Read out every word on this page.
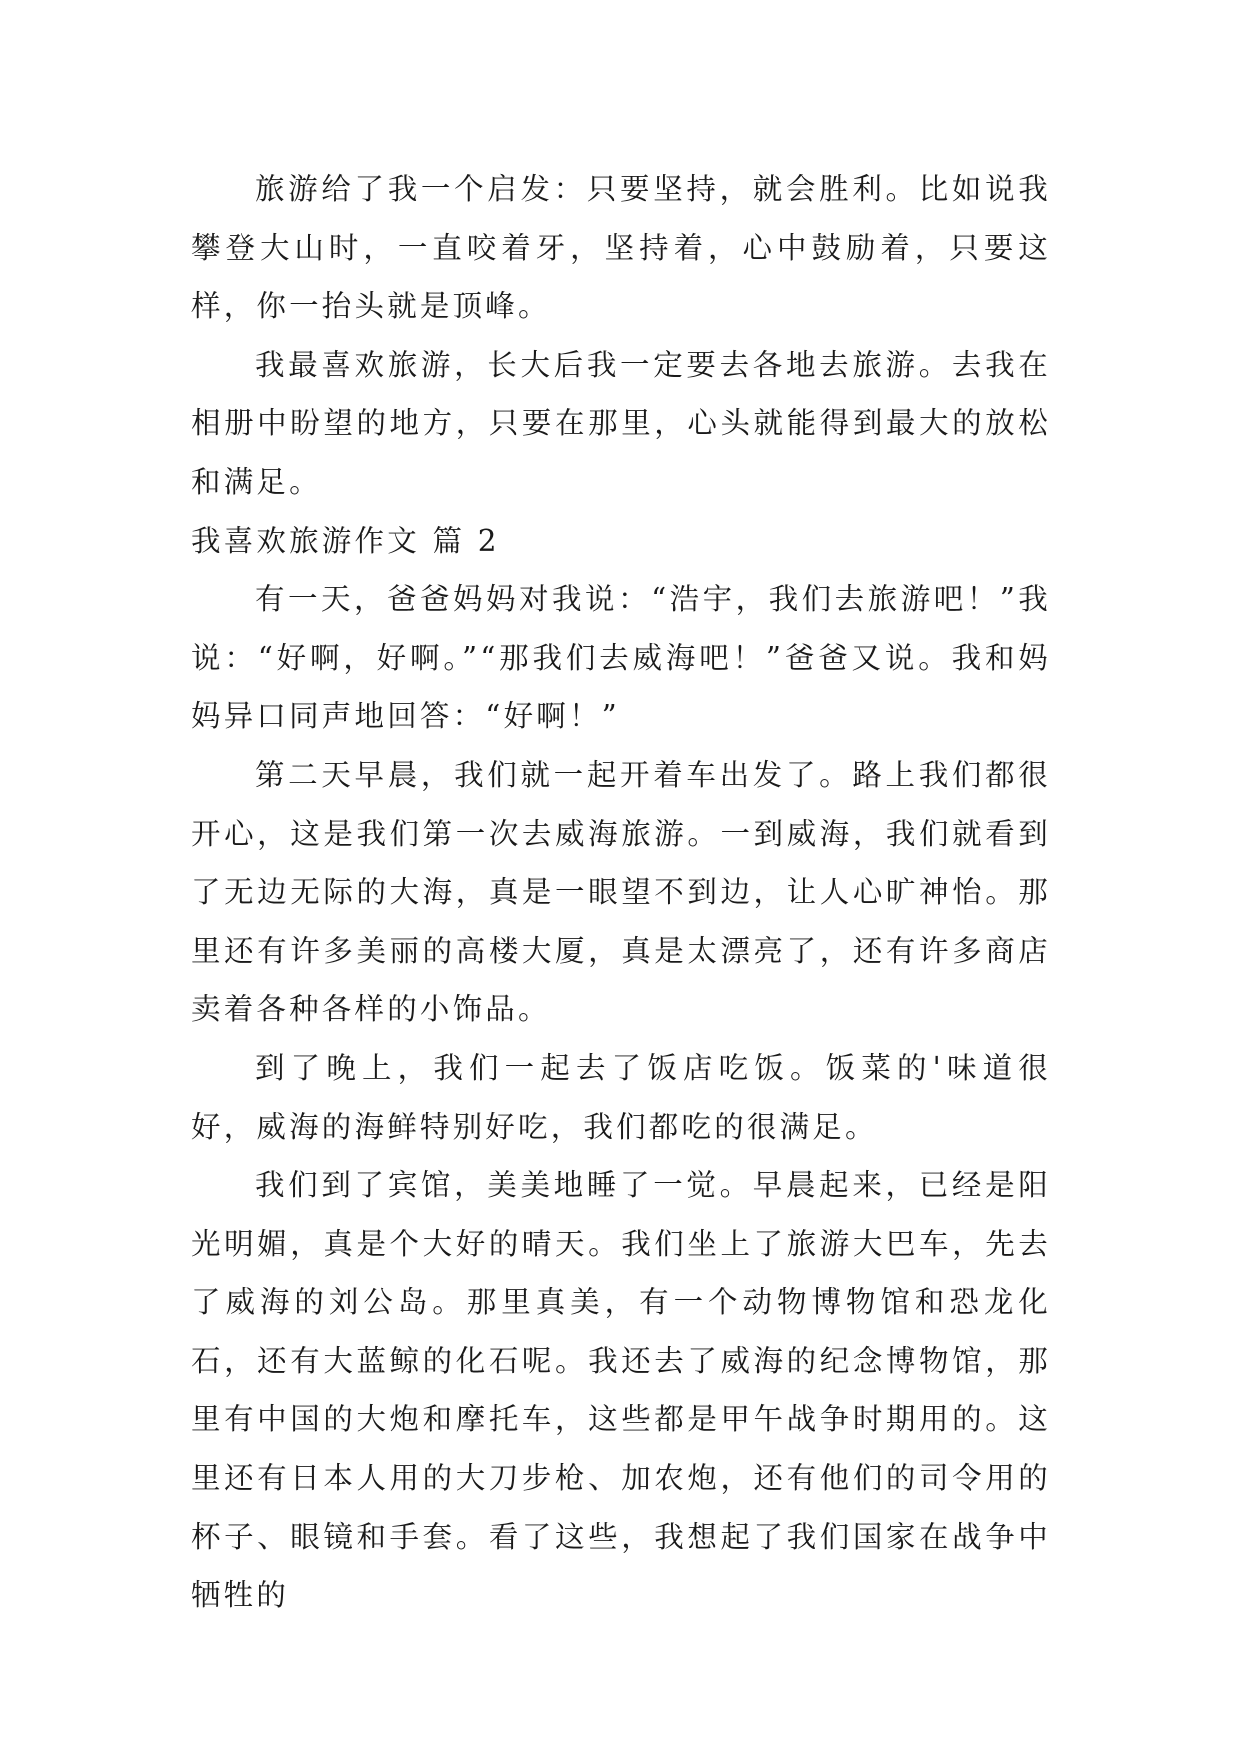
旅游给了我一个启发：只要坚持，就会胜利。比如说我攀登大山时，一直咬着牙，坚持着，心中鼓励着，只要这样，你一抬头就是顶峰。

我最喜欢旅游，长大后我一定要去各地去旅游。去我在相册中盼望的地方，只要在那里，心头就能得到最大的放松和满足。

我喜欢旅游作文 篇 2

有一天，爸爸妈妈对我说：“浩宇，我们去旅游吧！”我说：“好啊，好啊。”“那我们去威海吧！”爸爸又说。我和妈妈异口同声地回答：“好啊！”

第二天早晨，我们就一起开着车出发了。路上我们都很开心，这是我们第一次去威海旅游。一到威海，我们就看到了无边无际的大海，真是一眼望不到边，让人心旷神怡。那里还有许多美丽的高楼大厦，真是太漂亮了，还有许多商店卖着各种各样的小饰品。

到了晚上，我们一起去了饭店吃饭。饭菜的'味道很好，威海的海鲜特别好吃，我们都吃的很满足。

我们到了宾馆，美美地睡了一觉。早晨起来，已经是阳光明媚，真是个大好的晴天。我们坐上了旅游大巴车，先去了威海的刘公岛。那里真美，有一个动物博物馆和恐龙化石，还有大蓝鲸的化石呢。我还去了威海的纪念博物馆，那里有中国的大炮和摩托车，这些都是甲午战争时期用的。这里还有日本人用的大刀步枪、加农炮，还有他们的司令用的杯子、眼镜和手套。看了这些，我想起了我们国家在战争中牺牲的
